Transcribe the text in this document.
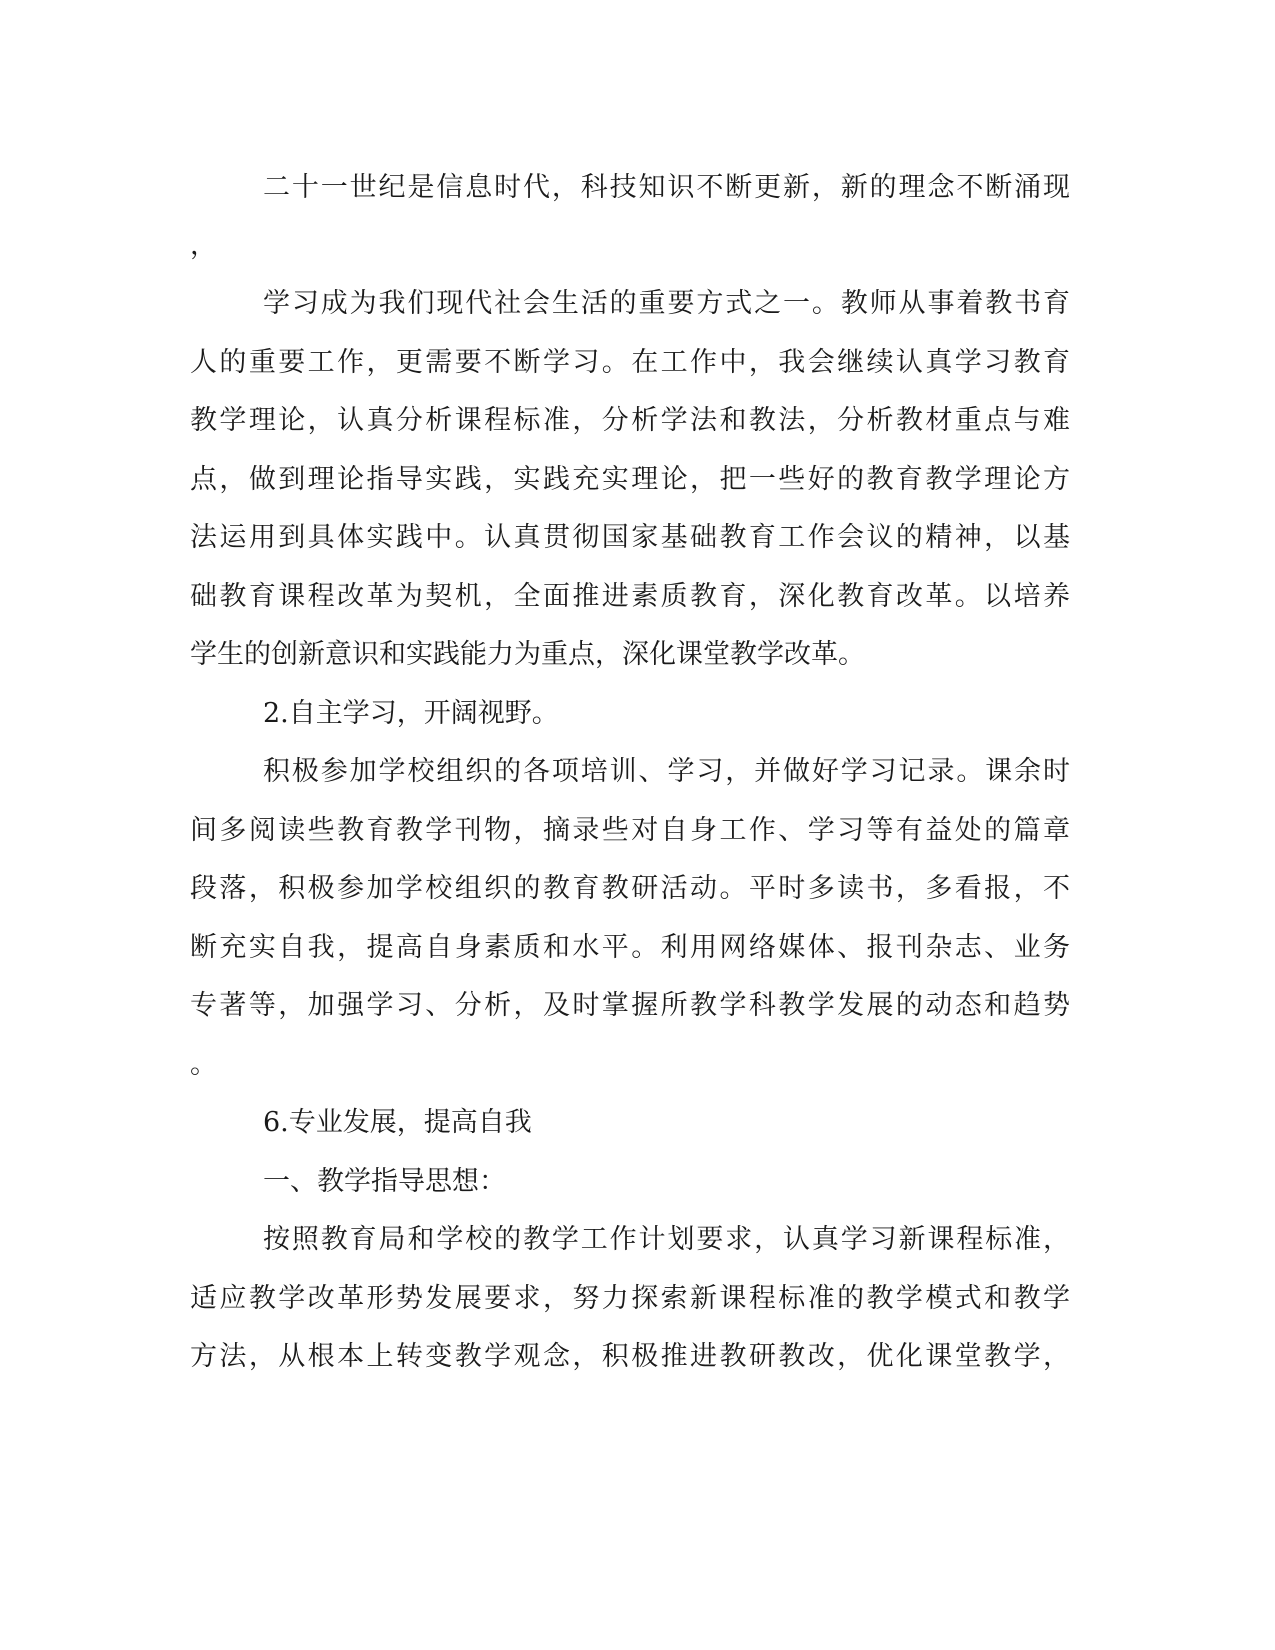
二十一世纪是信息时代，科技知识不断更新，新的理念不断涌现
，
学习成为我们现代社会生活的重要方式之一。教师从事着教书育
人的重要工作，更需要不断学习。在工作中，我会继续认真学习教育
教学理论，认真分析课程标准，分析学法和教法，分析教材重点与难
点，做到理论指导实践，实践充实理论，把一些好的教育教学理论方
法运用到具体实践中。认真贯彻国家基础教育工作会议的精神，以基
础教育课程改革为契机，全面推进素质教育，深化教育改革。以培养
学生的创新意识和实践能力为重点，深化课堂教学改革。
2.自主学习，开阔视野。
积极参加学校组织的各项培训、学习，并做好学习记录。课余时
间多阅读些教育教学刊物，摘录些对自身工作、学习等有益处的篇章
段落，积极参加学校组织的教育教研活动。平时多读书，多看报，不
断充实自我，提高自身素质和水平。利用网络媒体、报刊杂志、业务
专著等，加强学习、分析，及时掌握所教学科教学发展的动态和趋势
。
6.专业发展，提高自我
一、教学指导思想：
按照教育局和学校的教学工作计划要求，认真学习新课程标准，
适应教学改革形势发展要求，努力探索新课程标准的教学模式和教学
方法，从根本上转变教学观念，积极推进教研教改，优化课堂教学，
